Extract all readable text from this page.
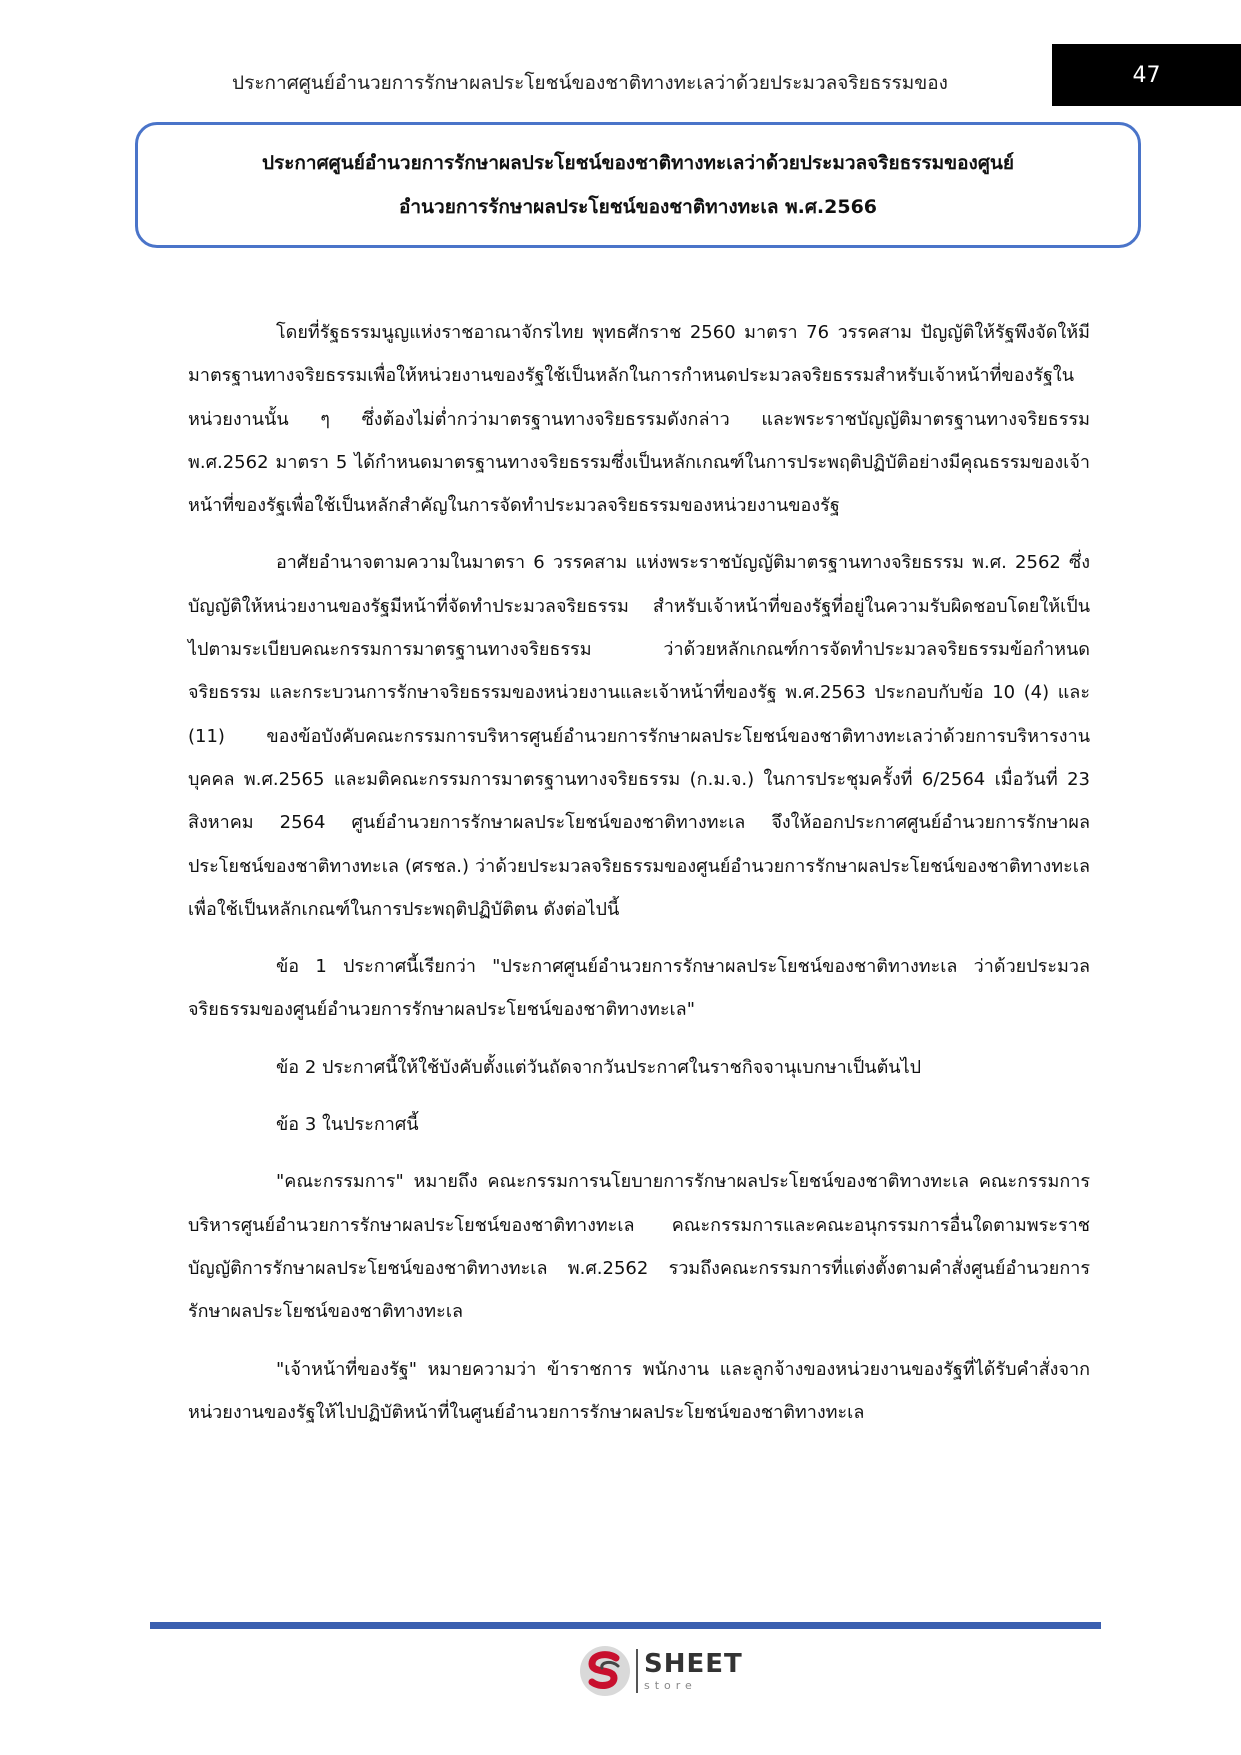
ประกาศศูนย์อำนวยการรักษาผลประโยชน์ของชาติทางทะเลว่าด้วยประมวลจริยธรรมของ	47
ประกาศศูนย์อำนวยการรักษาผลประโยชน์ของชาติทางทะเลว่าด้วยประมวลจริยธรรมของศูนย์
อำนวยการรักษาผลประโยชน์ของชาติทางทะเล พ.ศ.2566

โดยที่รัฐธรรมนูญแห่งราชอาณาจักรไทย พุทธศักราช 2560 มาตรา 76 วรรคสาม ปัญญัติให้รัฐพึงจัดให้มีมาตรฐานทางจริยธรรมเพื่อให้หน่วยงานของรัฐใช้เป็นหลักในการกำหนดประมวลจริยธรรมสำหรับเจ้าหน้าที่ของรัฐในหน่วยงานนั้น ๆ ซึ่งต้องไม่ต่ำกว่ามาตรฐานทางจริยธรรมดังกล่าว และพระราชบัญญัติมาตรฐานทางจริยธรรม พ.ศ.2562 มาตรา 5 ได้กำหนดมาตรฐานทางจริยธรรมซึ่งเป็นหลักเกณฑ์ในการประพฤติปฏิบัติอย่างมีคุณธรรมของเจ้าหน้าที่ของรัฐเพื่อใช้เป็นหลักสำคัญในการจัดทำประมวลจริยธรรมของหน่วยงานของรัฐ

อาศัยอำนาจตามความในมาตรา 6 วรรคสาม แห่งพระราชบัญญัติมาตรฐานทางจริยธรรม พ.ศ. 2562 ซึ่งบัญญัติให้หน่วยงานของรัฐมีหน้าที่จัดทำประมวลจริยธรรม สำหรับเจ้าหน้าที่ของรัฐที่อยู่ในความรับผิดชอบโดยให้เป็นไปตามระเบียบคณะกรรมการมาตรฐานทางจริยธรรม ว่าด้วยหลักเกณฑ์การจัดทำประมวลจริยธรรมข้อกำหนดจริยธรรม และกระบวนการรักษาจริยธรรมของหน่วยงานและเจ้าหน้าที่ของรัฐ พ.ศ.2563 ประกอบกับข้อ 10 (4) และ (11) ของข้อบังคับคณะกรรมการบริหารศูนย์อำนวยการรักษาผลประโยชน์ของชาติทางทะเลว่าด้วยการบริหารงานบุคคล พ.ศ.2565 และมติคณะกรรมการมาตรฐานทางจริยธรรม (ก.ม.จ.) ในการประชุมครั้งที่ 6/2564 เมื่อวันที่ 23 สิงหาคม 2564 ศูนย์อำนวยการรักษาผลประโยชน์ของชาติทางทะเล จึงให้ออกประกาศศูนย์อำนวยการรักษาผลประโยชน์ของชาติทางทะเล (ศรชล.) ว่าด้วยประมวลจริยธรรมของศูนย์อำนวยการรักษาผลประโยชน์ของชาติทางทะเล เพื่อใช้เป็นหลักเกณฑ์ในการประพฤติปฏิบัติตน ดังต่อไปนี้

ข้อ 1 ประกาศนี้เรียกว่า "ประกาศศูนย์อำนวยการรักษาผลประโยชน์ของชาติทางทะเล ว่าด้วยประมวลจริยธรรมของศูนย์อำนวยการรักษาผลประโยชน์ของชาติทางทะเล"

ข้อ 2 ประกาศนี้ให้ใช้บังคับตั้งแต่วันถัดจากวันประกาศในราชกิจจานุเบกษาเป็นต้นไป

ข้อ 3 ในประกาศนี้

"คณะกรรมการ" หมายถึง คณะกรรมการนโยบายการรักษาผลประโยชน์ของชาติทางทะเล คณะกรรมการบริหารศูนย์อำนวยการรักษาผลประโยชน์ของชาติทางทะเล คณะกรรมการและคณะอนุกรรมการอื่นใดตามพระราชบัญญัติการรักษาผลประโยชน์ของชาติทางทะเล พ.ศ.2562 รวมถึงคณะกรรมการที่แต่งตั้งตามคำสั่งศูนย์อำนวยการรักษาผลประโยชน์ของชาติทางทะเล

"เจ้าหน้าที่ของรัฐ" หมายความว่า ข้าราชการ พนักงาน และลูกจ้างของหน่วยงานของรัฐที่ได้รับคำสั่งจากหน่วยงานของรัฐให้ไปปฏิบัติหน้าที่ในศูนย์อำนวยการรักษาผลประโยชน์ของชาติทางทะเล

SHEET
store
